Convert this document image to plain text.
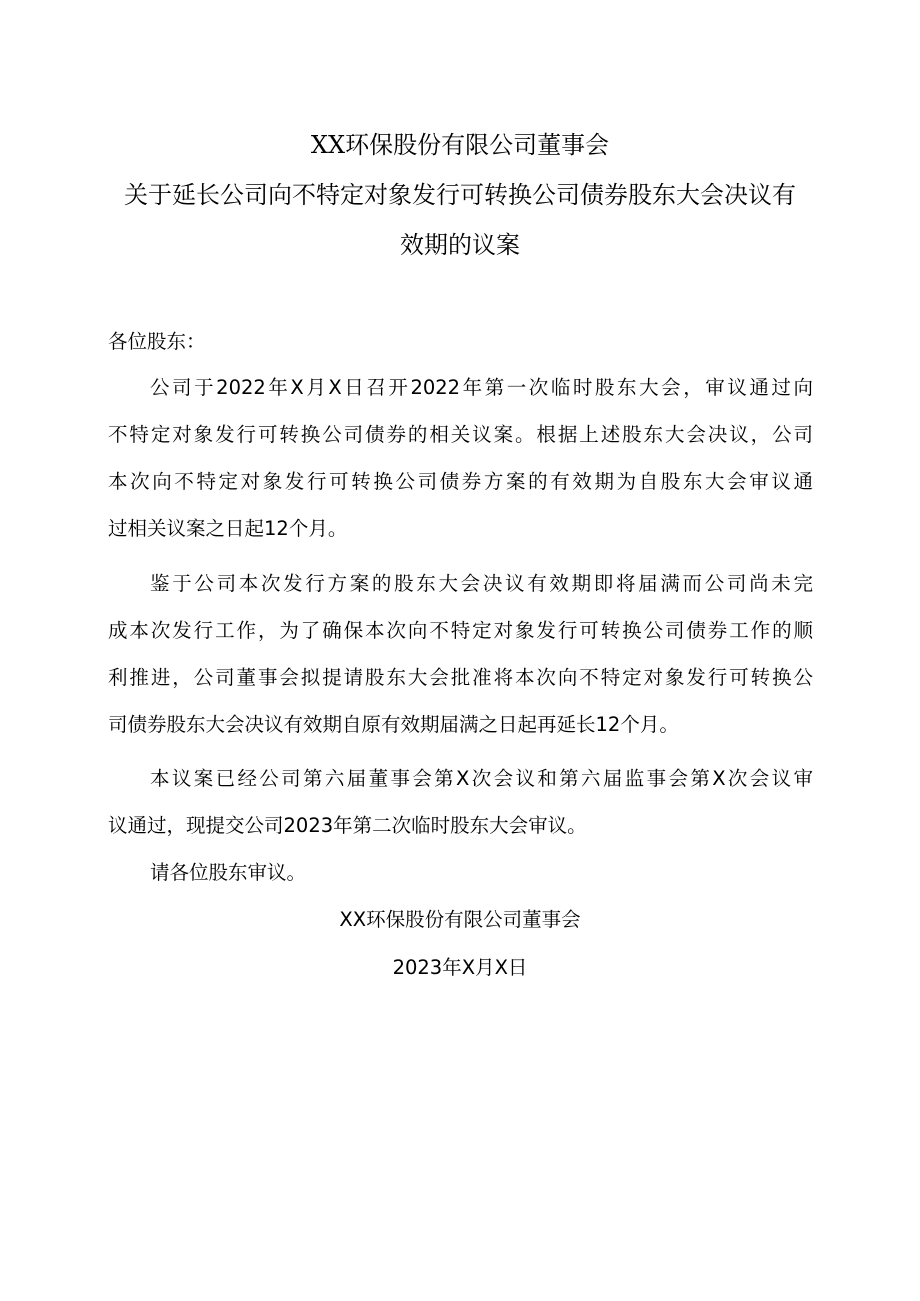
XX环保股份有限公司董事会
关于延长公司向不特定对象发行可转换公司债券股东大会决议有
效期的议案
各位股东：
公司于2022年X月X日召开2022年第一次临时股东大会，审议通过向
不特定对象发行可转换公司债券的相关议案。根据上述股东大会决议，公司
本次向不特定对象发行可转换公司债券方案的有效期为自股东大会审议通
过相关议案之日起12个月。
鉴于公司本次发行方案的股东大会决议有效期即将届满而公司尚未完
成本次发行工作，为了确保本次向不特定对象发行可转换公司债券工作的顺
利推进，公司董事会拟提请股东大会批准将本次向不特定对象发行可转换公
司债券股东大会决议有效期自原有效期届满之日起再延长12个月。
本议案已经公司第六届董事会第X次会议和第六届监事会第X次会议审
议通过，现提交公司2023年第二次临时股东大会审议。
请各位股东审议。
XX环保股份有限公司董事会
2023年X月X日
